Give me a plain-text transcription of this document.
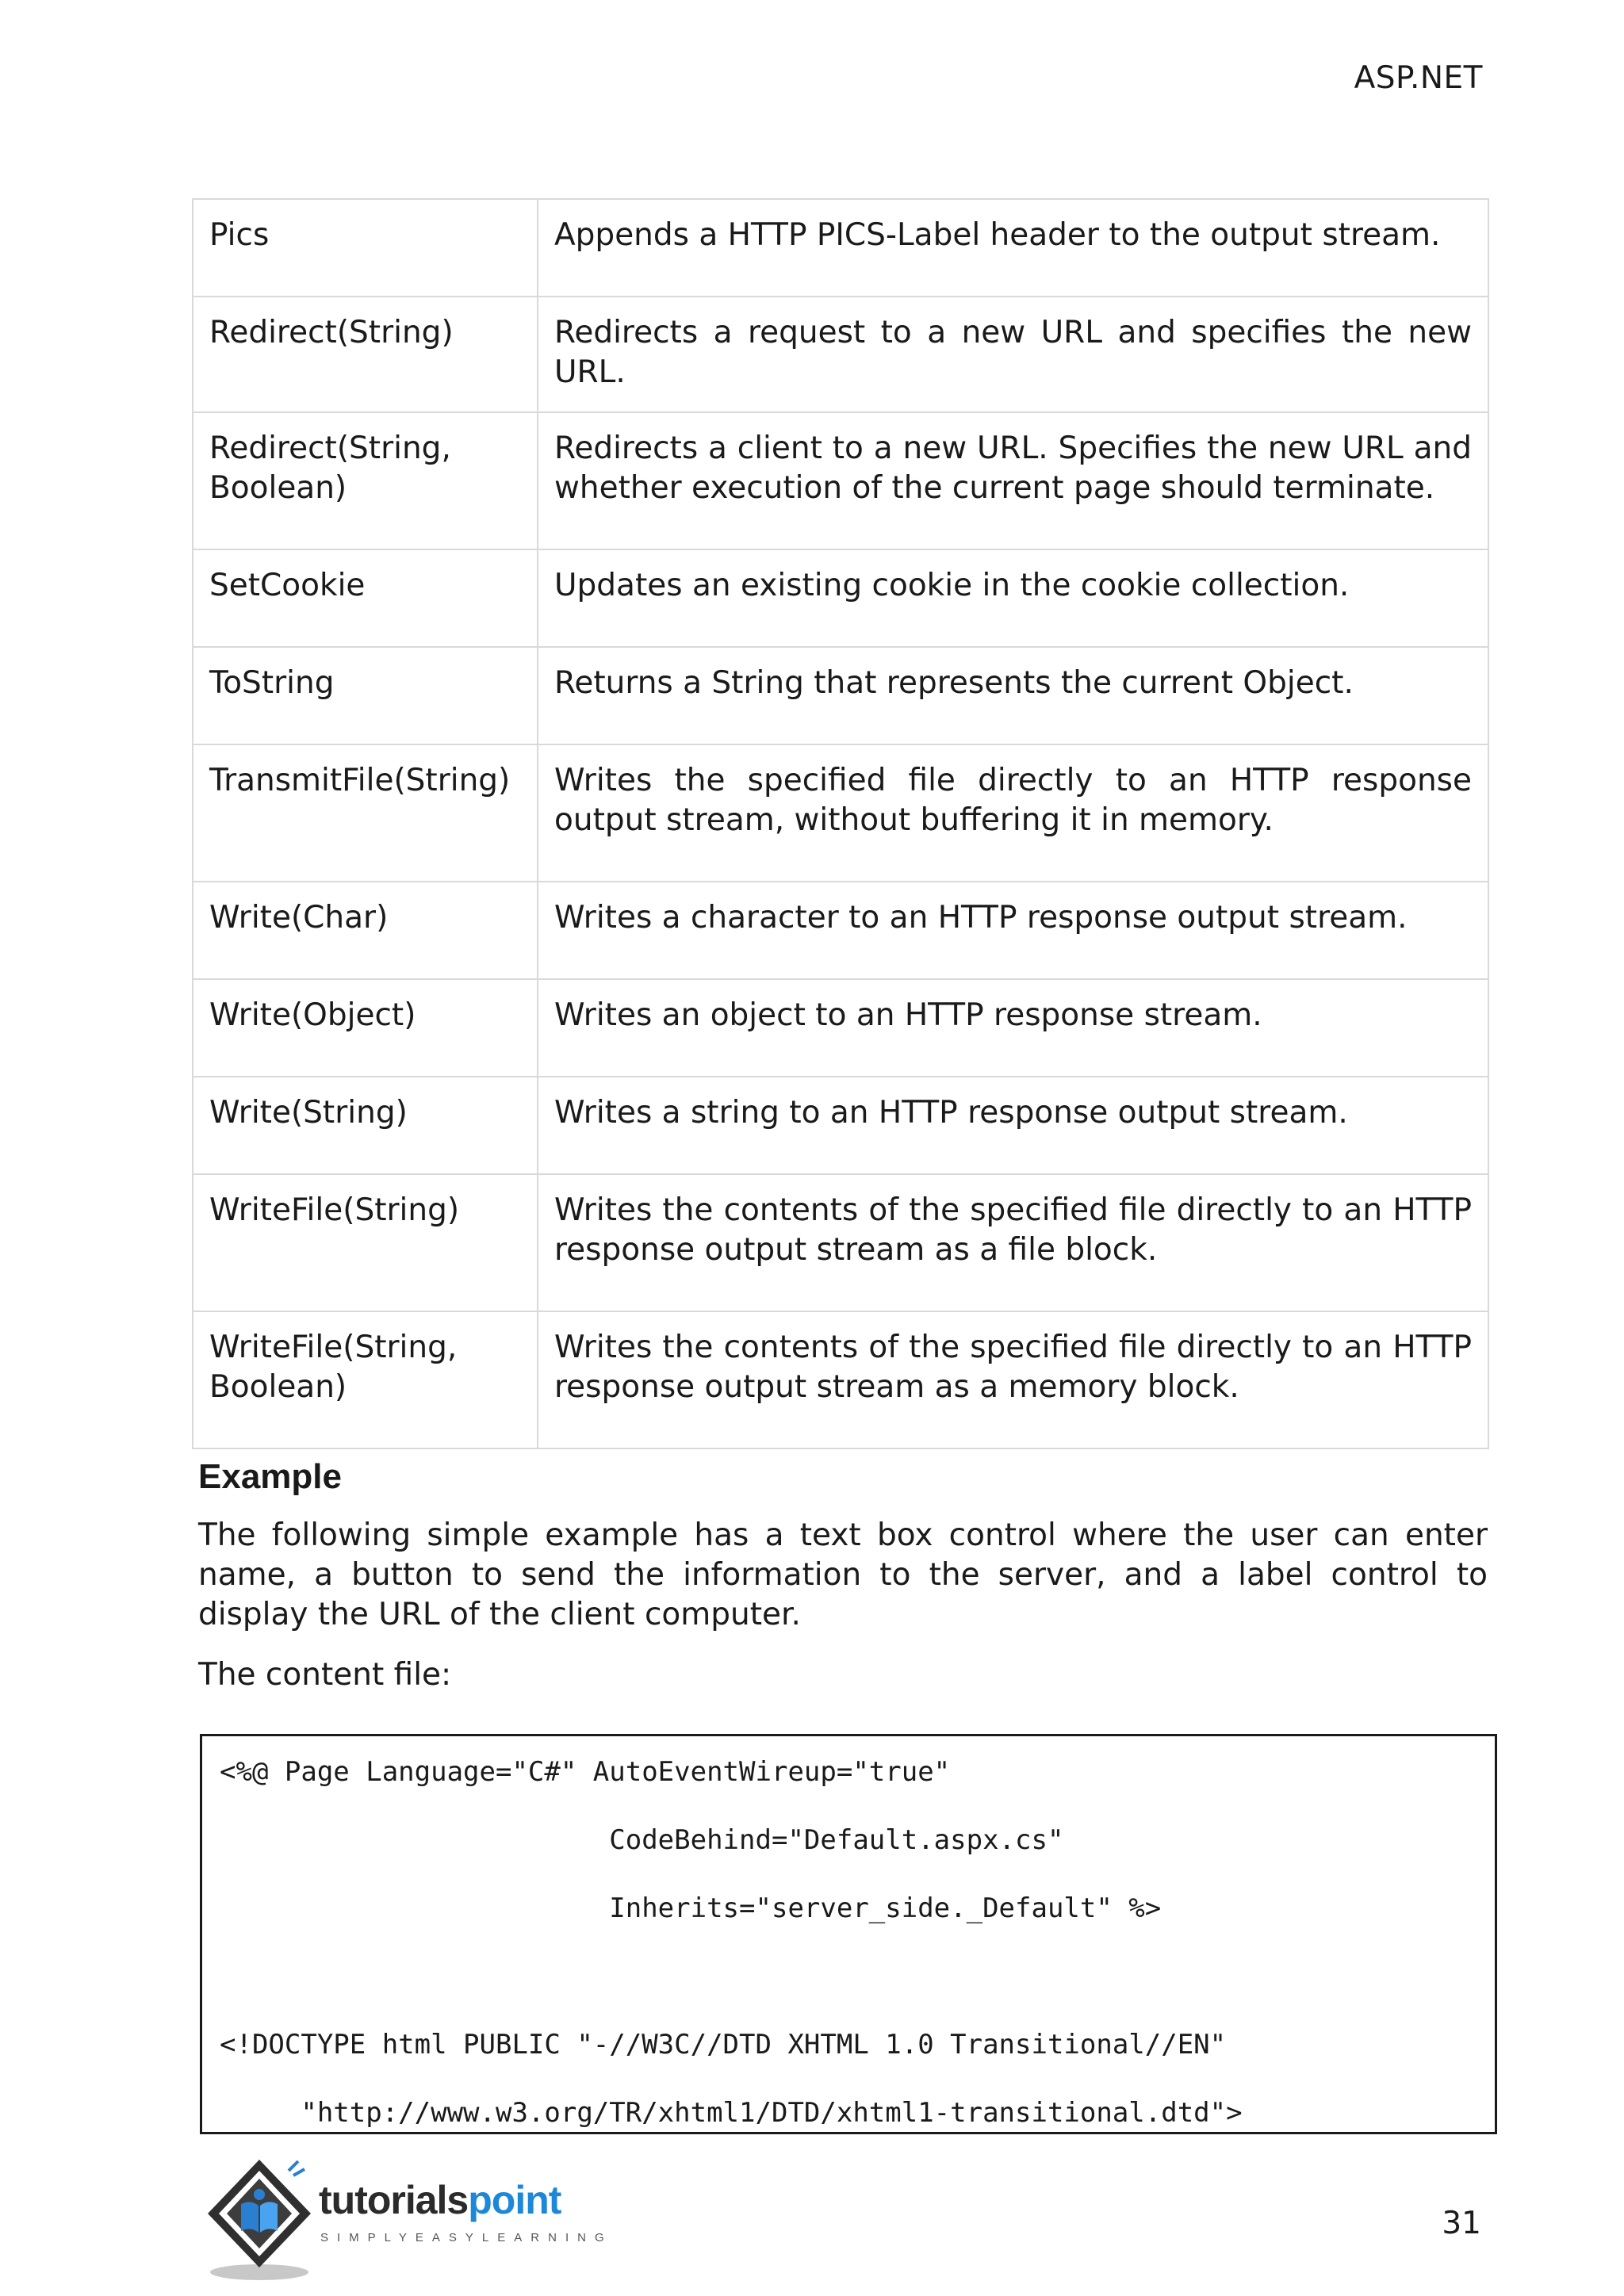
ASP.NET
Pics	Appends a HTTP PICS-Label header to the output stream.
Redirect(String)	Redirects a request to a new URL and specifies the new URL.
Redirect(String, Boolean)	Redirects a client to a new URL. Specifies the new URL and whether execution of the current page should terminate.
SetCookie	Updates an existing cookie in the cookie collection.
ToString	Returns a String that represents the current Object.
TransmitFile(String)	Writes the specified file directly to an HTTP response output stream, without buffering it in memory.
Write(Char)	Writes a character to an HTTP response output stream.
Write(Object)	Writes an object to an HTTP response stream.
Write(String)	Writes a string to an HTTP response output stream.
WriteFile(String)	Writes the contents of the specified file directly to an HTTP response output stream as a file block.
WriteFile(String, Boolean)	Writes the contents of the specified file directly to an HTTP response output stream as a memory block.
Example
The following simple example has a text box control where the user can enter name, a button to send the information to the server, and a label control to display the URL of the client computer.
The content file:
<%@ Page Language="C#" AutoEventWireup="true"
CodeBehind="Default.aspx.cs"
Inherits="server_side._Default" %>
<!DOCTYPE html PUBLIC "-//W3C//DTD XHTML 1.0 Transitional//EN"
"http://www.w3.org/TR/xhtml1/DTD/xhtml1-transitional.dtd">
tutorialspoint
SIMPLYEASYLEARNING	31
